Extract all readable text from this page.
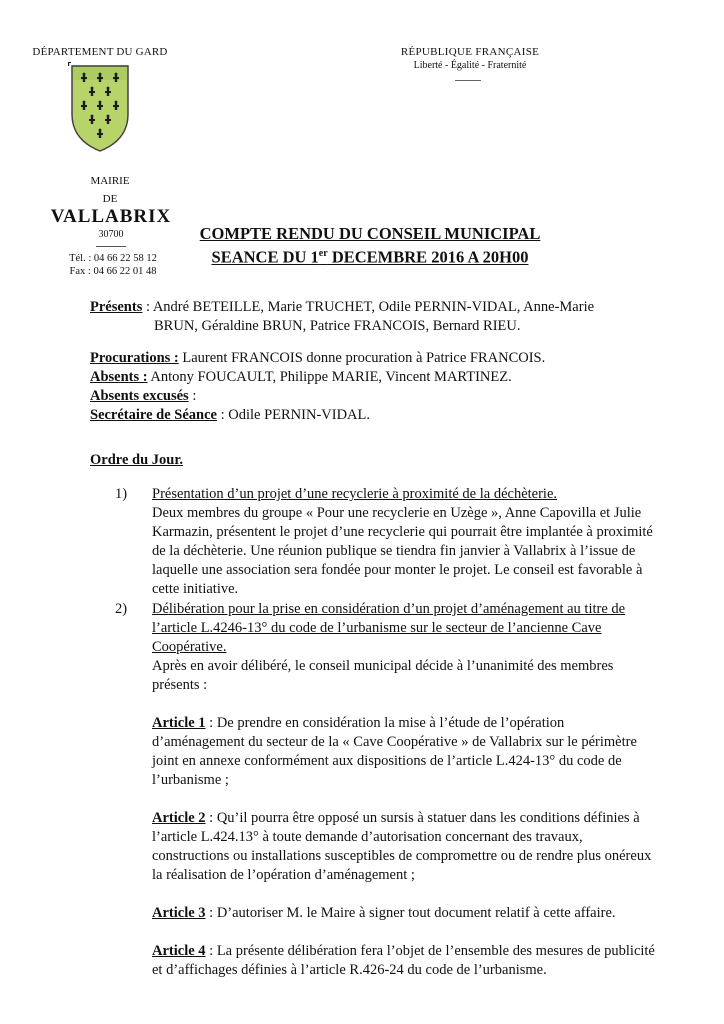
DÉPARTEMENT DU GARD
MAIRIE
DE
VALLABRIX
30700
Tél. : 04 66 22 58 12
Fax : 04 66 22 01 48
RÉPUBLIQUE FRANÇAISE
Liberté - Égalité - Fraternité
COMPTE RENDU DU CONSEIL MUNICIPAL
SEANCE DU 1er DECEMBRE 2016 A 20H00
Présents : André BETEILLE, Marie TRUCHET, Odile PERNIN-VIDAL, Anne-Marie
BRUN, Géraldine BRUN, Patrice FRANCOIS, Bernard RIEU.
Procurations : Laurent FRANCOIS donne procuration à Patrice FRANCOIS.
Absents : Antony FOUCAULT, Philippe MARIE, Vincent MARTINEZ.
Absents excusés :
Secrétaire de Séance : Odile PERNIN-VIDAL.
Ordre du Jour.
1) Présentation d’un projet d’une recyclerie à proximité de la déchèterie.
Deux membres du groupe « Pour une recyclerie en Uzège », Anne Capovilla et Julie
Karmazin, présentent le projet d’une recyclerie qui pourrait être implantée à proximité
de la déchèterie. Une réunion publique se tiendra fin janvier à Vallabrix à l’issue de
laquelle une association sera fondée pour monter le projet. Le conseil est favorable à
cette initiative.
2) Délibération pour la prise en considération d’un projet d’aménagement au titre de
l’article L.4246-13° du code de l’urbanisme sur le secteur de l’ancienne Cave
Coopérative.
Après en avoir délibéré, le conseil municipal décide à l’unanimité des membres
présents :
Article 1 : De prendre en considération la mise à l’étude de l’opération
d’aménagement du secteur de la « Cave Coopérative » de Vallabrix sur le périmètre
joint en annexe conformément aux dispositions de l’article L.424-13° du code de
l’urbanisme ;
Article 2 : Qu’il pourra être opposé un sursis à statuer dans les conditions définies à
l’article L.424.13° à toute demande d’autorisation concernant des travaux,
constructions ou installations susceptibles de compromettre ou de rendre plus onéreux
la réalisation de l’opération d’aménagement ;
Article 3 : D’autoriser M. le Maire à signer tout document relatif à cette affaire.
Article 4 : La présente délibération fera l’objet de l’ensemble des mesures de publicité
et d’affichages définies à l’article R.426-24 du code de l’urbanisme.
